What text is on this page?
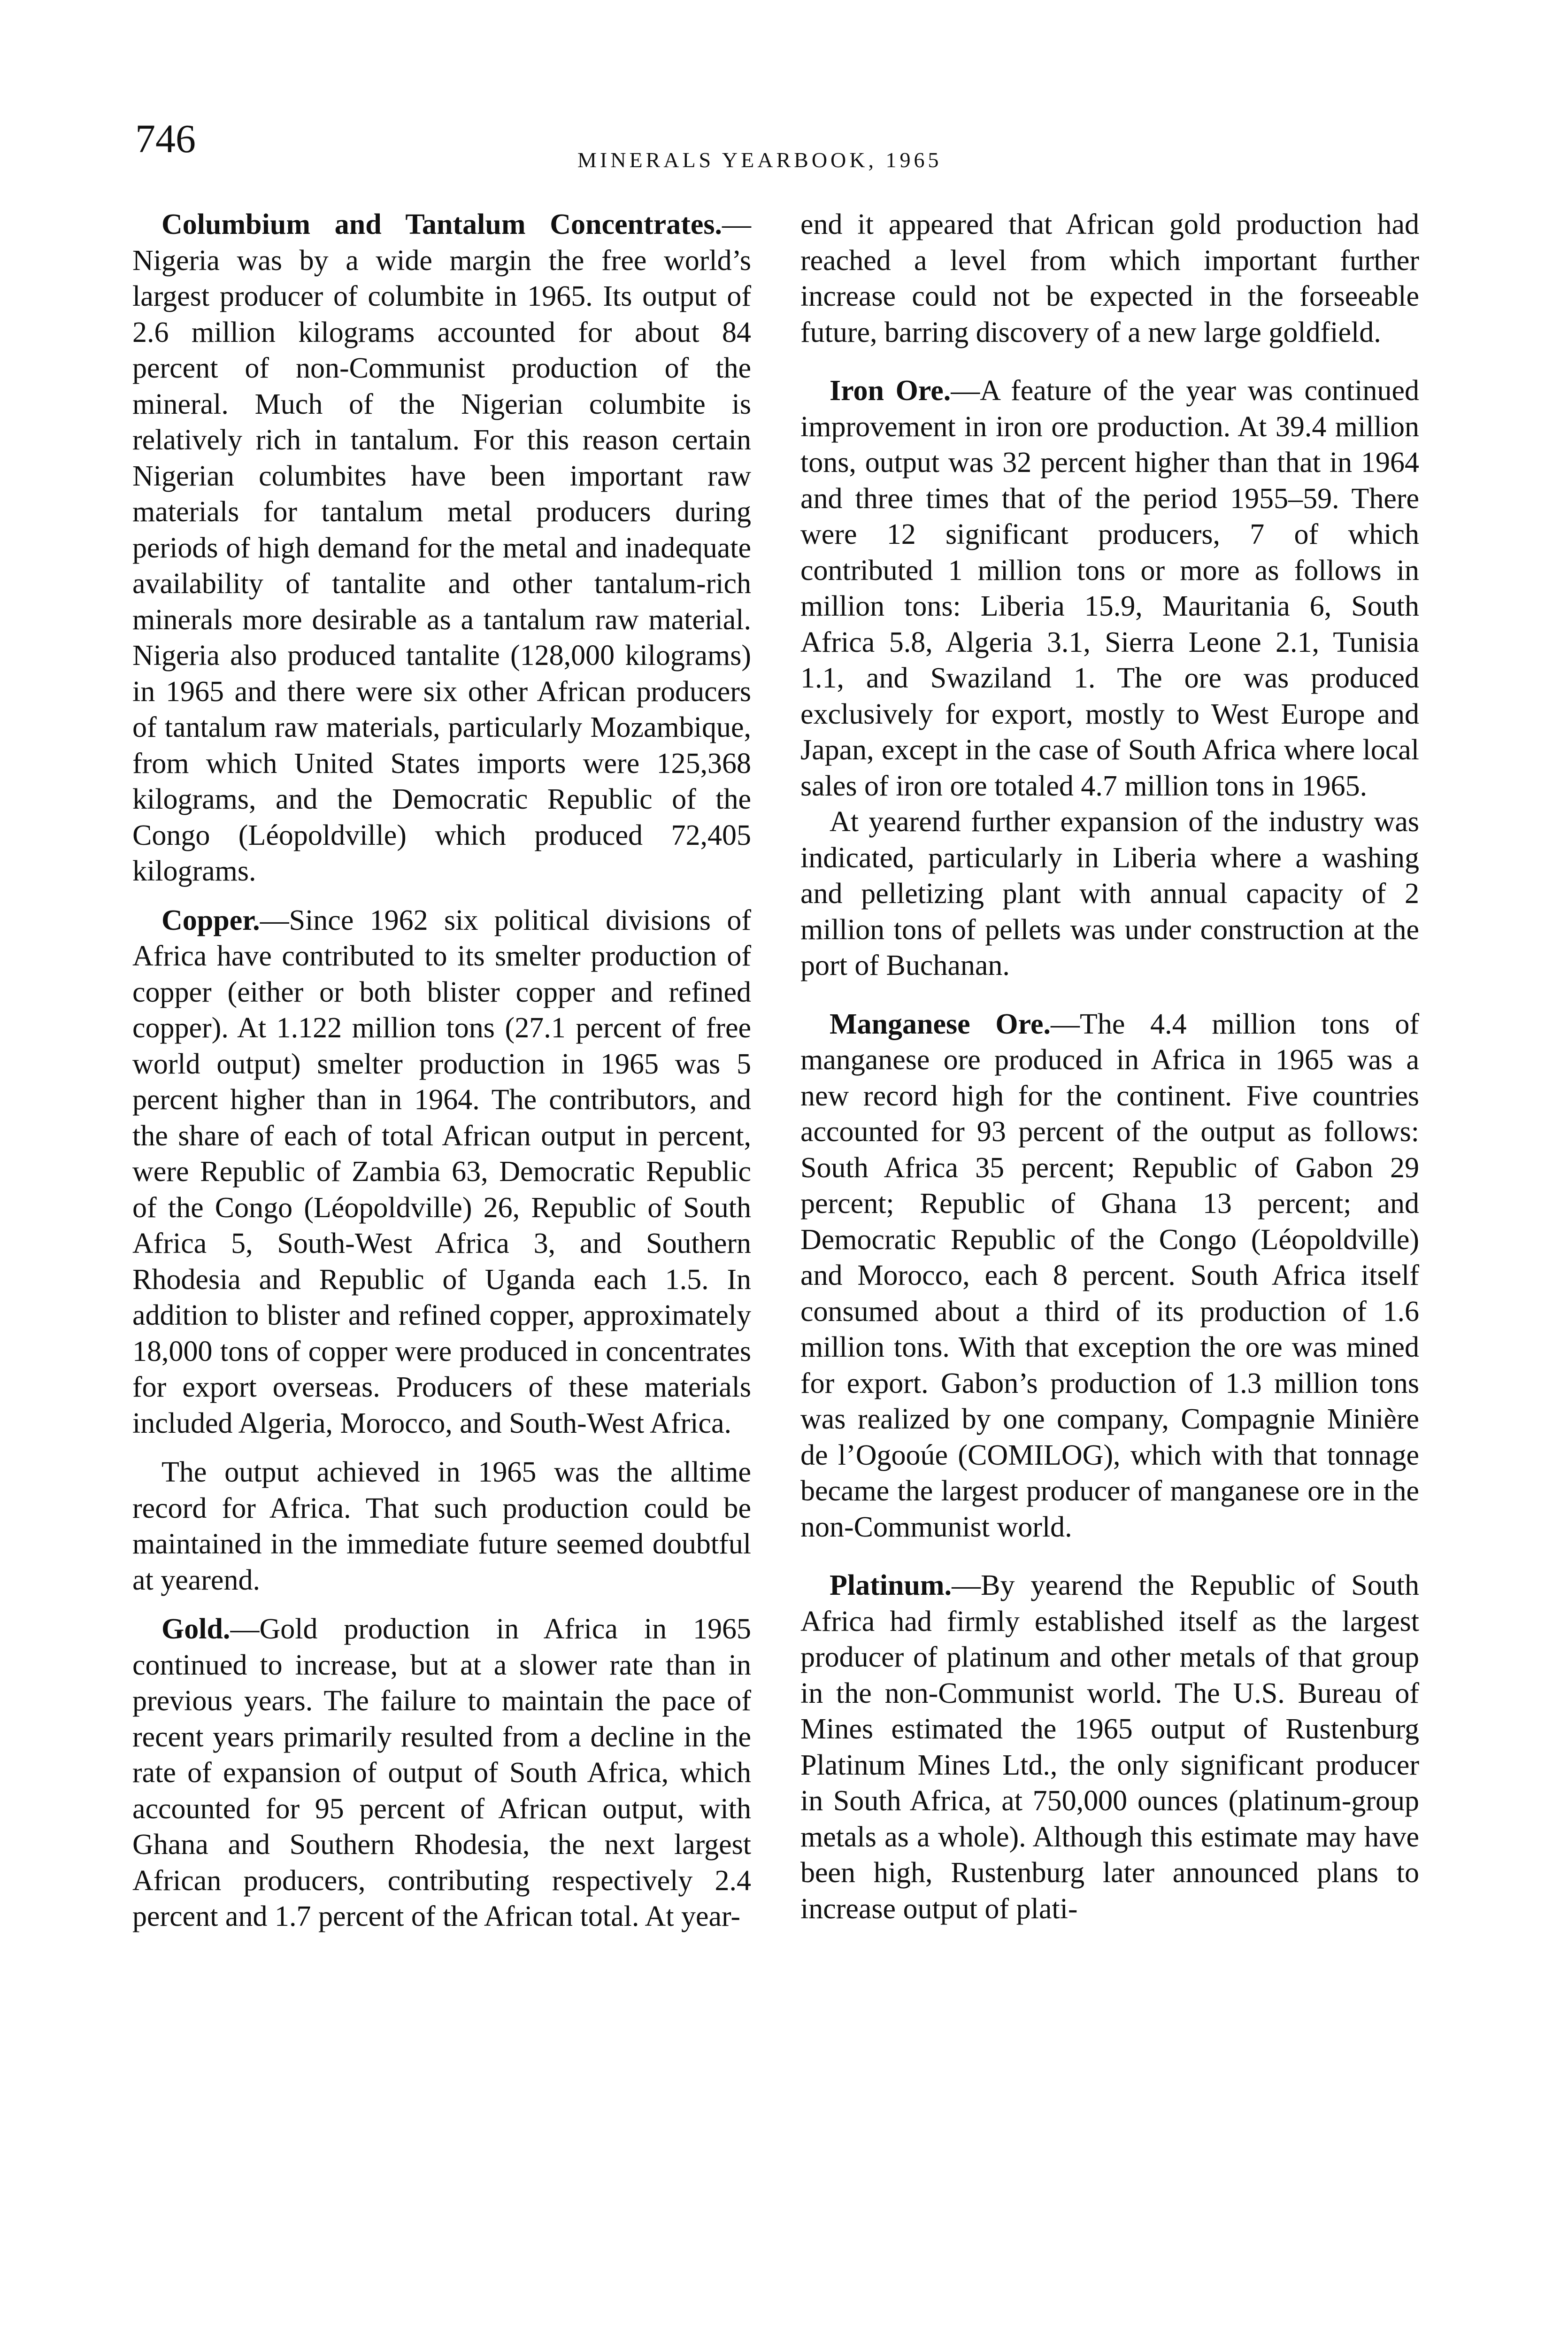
746	MINERALS YEARBOOK, 1965

Columbium and Tantalum Concentrates.—Nigeria was by a wide margin the free world’s largest producer of columbite in 1965. Its output of 2.6 million kilograms accounted for about 84 percent of non-Communist production of the mineral. Much of the Nigerian columbite is relatively rich in tantalum. For this reason certain Nigerian columbites have been important raw materials for tantalum metal producers during periods of high demand for the metal and inadequate availability of tantalite and other tantalum-rich minerals more desirable as a tantalum raw material. Nigeria also produced tantalite (128,000 kilograms) in 1965 and there were six other African producers of tantalum raw materials, particularly Mozambique, from which United States imports were 125,368 kilograms, and the Democratic Republic of the Congo (Léopoldville) which produced 72,405 kilograms.

Copper.—Since 1962 six political divisions of Africa have contributed to its smelter production of copper (either or both blister copper and refined copper). At 1.122 million tons (27.1 percent of free world output) smelter production in 1965 was 5 percent higher than in 1964. The contributors, and the share of each of total African output in percent, were Republic of Zambia 63, Democratic Republic of the Congo (Léopoldville) 26, Republic of South Africa 5, South-West Africa 3, and Southern Rhodesia and Republic of Uganda each 1.5. In addition to blister and refined copper, approximately 18,000 tons of copper were produced in concentrates for export overseas. Producers of these materials included Algeria, Morocco, and South-West Africa.

The output achieved in 1965 was the alltime record for Africa. That such production could be maintained in the immediate future seemed doubtful at yearend.

Gold.—Gold production in Africa in 1965 continued to increase, but at a slower rate than in previous years. The failure to maintain the pace of recent years primarily resulted from a decline in the rate of expansion of output of South Africa, which accounted for 95 percent of African output, with Ghana and Southern Rhodesia, the next largest African producers, contributing respectively 2.4 percent and 1.7 percent of the African total. At year-

end it appeared that African gold production had reached a level from which important further increase could not be expected in the forseeable future, barring discovery of a new large goldfield.

Iron Ore.—A feature of the year was continued improvement in iron ore production. At 39.4 million tons, output was 32 percent higher than that in 1964 and three times that of the period 1955–59. There were 12 significant producers, 7 of which contributed 1 million tons or more as follows in million tons: Liberia 15.9, Mauritania 6, South Africa 5.8, Algeria 3.1, Sierra Leone 2.1, Tunisia 1.1, and Swaziland 1. The ore was produced exclusively for export, mostly to West Europe and Japan, except in the case of South Africa where local sales of iron ore totaled 4.7 million tons in 1965.

At yearend further expansion of the industry was indicated, particularly in Liberia where a washing and pelletizing plant with annual capacity of 2 million tons of pellets was under construction at the port of Buchanan.

Manganese Ore.—The 4.4 million tons of manganese ore produced in Africa in 1965 was a new record high for the continent. Five countries accounted for 93 percent of the output as follows: South Africa 35 percent; Republic of Gabon 29 percent; Republic of Ghana 13 percent; and Democratic Republic of the Congo (Léopoldville) and Morocco, each 8 percent. South Africa itself consumed about a third of its production of 1.6 million tons. With that exception the ore was mined for export. Gabon’s production of 1.3 million tons was realized by one company, Compagnie Minière de l’Ogooúe (COMILOG), which with that tonnage became the largest producer of manganese ore in the non-Communist world.

Platinum.—By yearend the Republic of South Africa had firmly established itself as the largest producer of platinum and other metals of that group in the non-Communist world. The U.S. Bureau of Mines estimated the 1965 output of Rustenburg Platinum Mines Ltd., the only significant producer in South Africa, at 750,000 ounces (platinum-group metals as a whole). Although this estimate may have been high, Rustenburg later announced plans to increase output of plati-
